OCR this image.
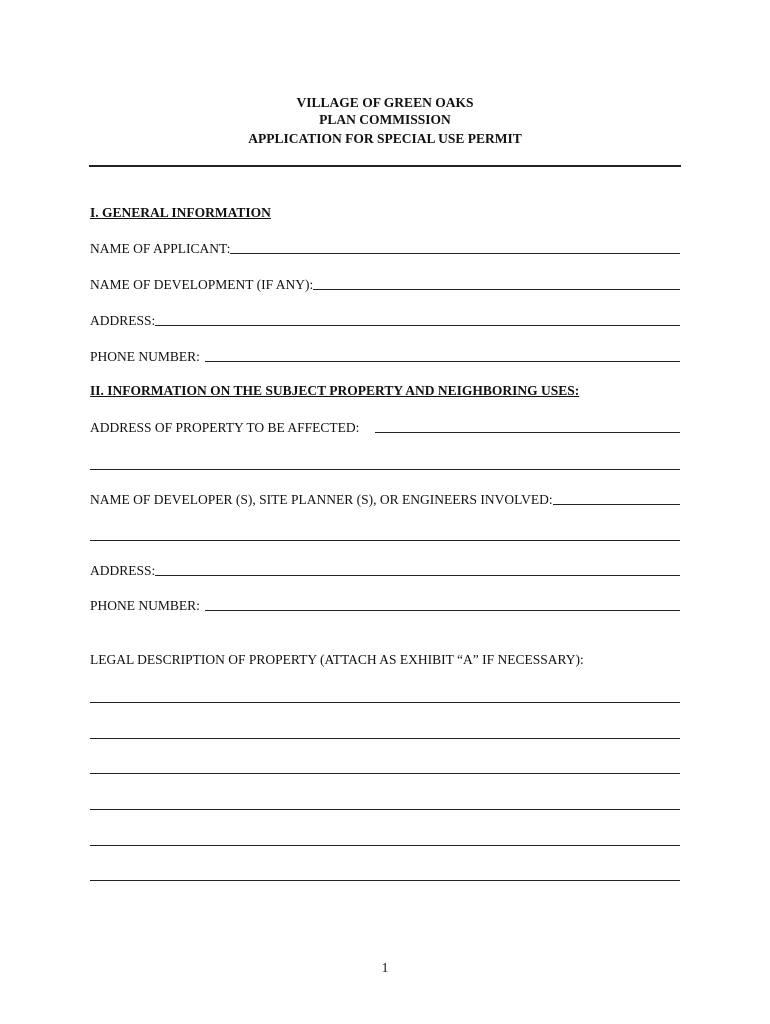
VILLAGE OF GREEN OAKS
PLAN COMMISSION
APPLICATION FOR SPECIAL USE PERMIT
I. GENERAL INFORMATION
NAME OF APPLICANT:
NAME OF DEVELOPMENT (IF ANY):
ADDRESS:
PHONE NUMBER:
II. INFORMATION ON THE SUBJECT PROPERTY AND NEIGHBORING USES:
ADDRESS OF PROPERTY TO BE AFFECTED:
NAME OF DEVELOPER (S), SITE PLANNER (S), OR ENGINEERS INVOLVED:
ADDRESS:
PHONE NUMBER:
LEGAL DESCRIPTION OF PROPERTY (ATTACH AS EXHIBIT “A” IF NECESSARY):
1
